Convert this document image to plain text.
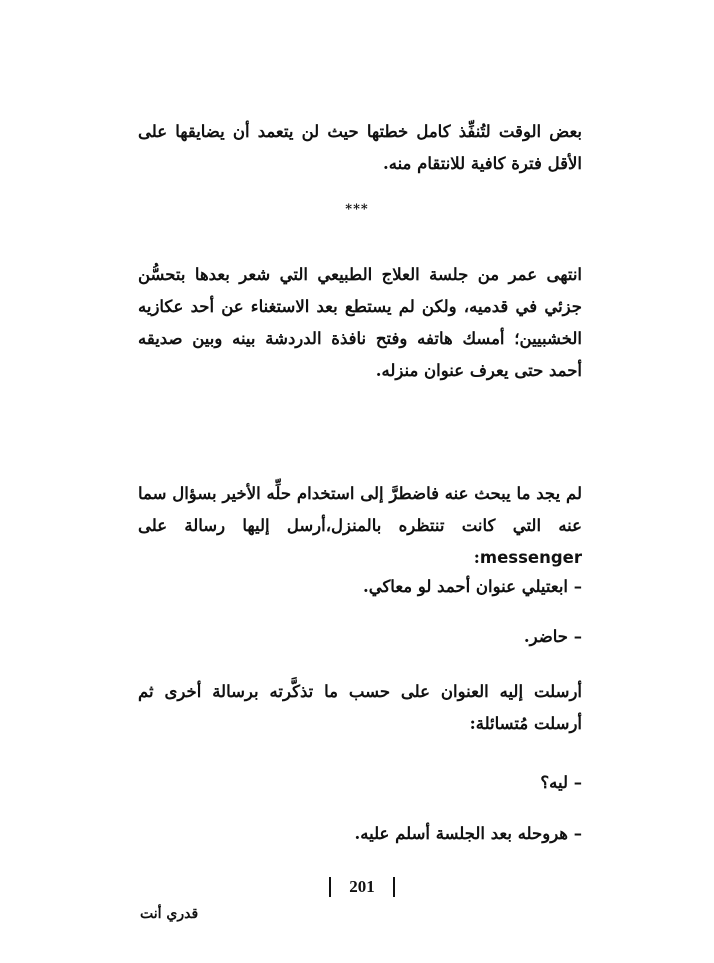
بعض الوقت لتُنفِّذ كامل خطتها حيث لن يتعمد أن يضايقها على الأقل فترة كافية للانتقام منه.
***
انتهى عمر من جلسة العلاج الطبيعي التي شعر بعدها بتحسُّن جزئي في قدميه، ولكن لم يستطع بعد الاستغناء عن أحد عكازيه الخشبيين؛ أمسك هاتفه وفتح نافذة الدردشة بينه وبين صديقه أحمد حتى يعرف عنوان منزله.
لم يجد ما يبحث عنه فاضطرَّ إلى استخدام حلِّه الأخير بسؤال سما عنه التي كانت تنتظره بالمنزل،أرسل إليها رسالة على messenger:
– ابعتيلي عنوان أحمد لو معاكي.
– حاضر.
أرسلت إليه العنوان على حسب ما تذكَّرته برسالة أخرى ثم أرسلت مُتسائلة:
– ليه؟
– هروحله بعد الجلسة أسلم عليه.
201
قدري أنت
